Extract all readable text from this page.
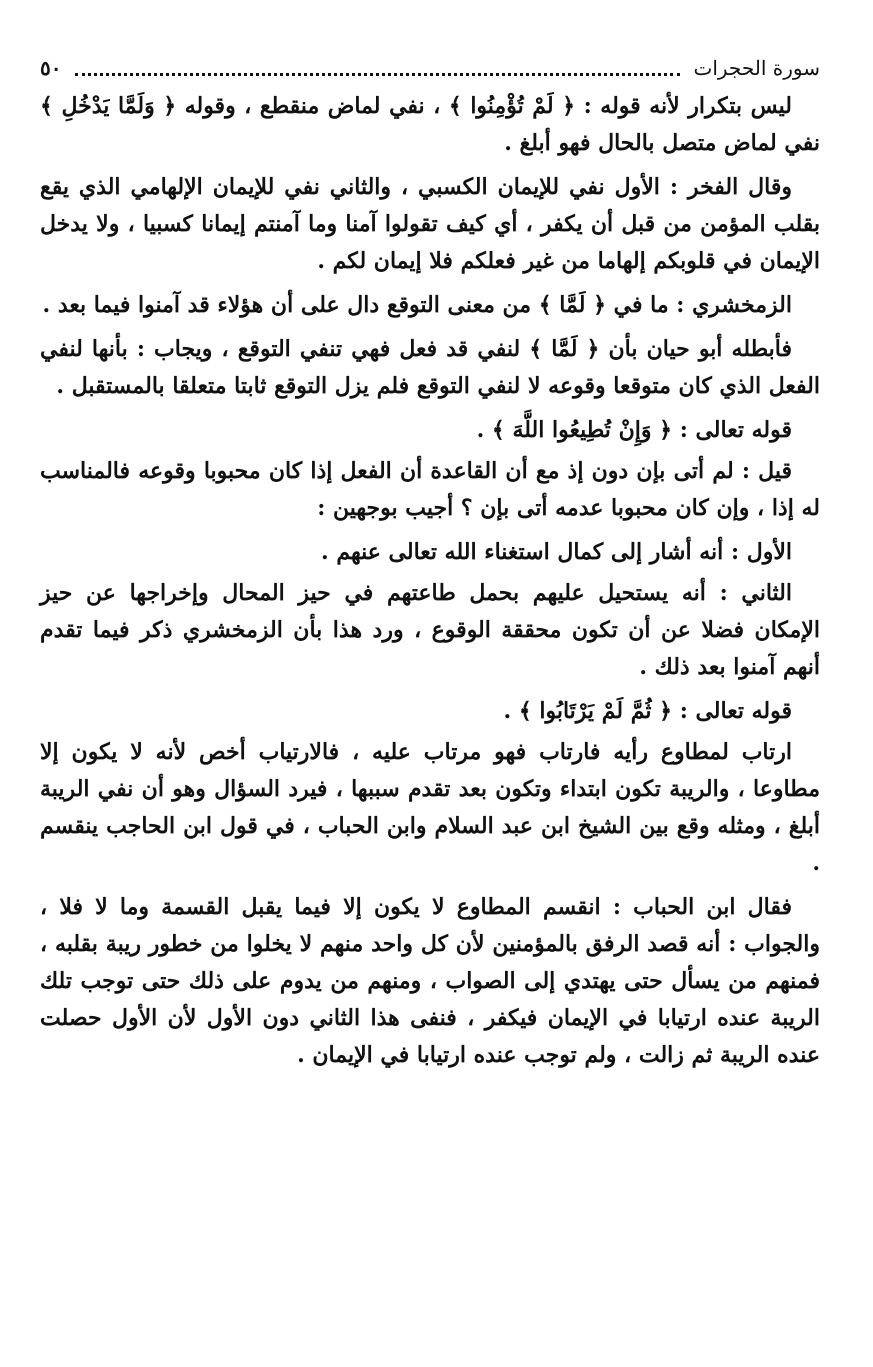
سورة الحجرات
٥٠

ليس بتكرار لأنه قوله : ﴿ لَمْ تُؤْمِنُوا ﴾ ، نفي لماض منقطع ، وقوله ﴿ وَلَمَّا يَدْخُلِ ﴾ نفي لماض متصل بالحال فهو أبلغ .

وقال الفخر : الأول نفي للإيمان الكسبي ، والثاني نفي للإيمان الإلهامي الذي يقع بقلب المؤمن من قبل أن يكفر ، أي كيف تقولوا آمنا وما آمنتم إيمانا كسبيا ، ولا يدخل الإيمان في قلوبكم إلهاما من غير فعلكم فلا إيمان لكم .

الزمخشري : ما في ﴿ لَمَّا ﴾ من معنى التوقع دال على أن هؤلاء قد آمنوا فيما بعد .

فأبطله أبو حيان بأن ﴿ لَمَّا ﴾ لنفي قد فعل فهي تنفي التوقع ، ويجاب : بأنها لنفي الفعل الذي كان متوقعا وقوعه لا لنفي التوقع فلم يزل التوقع ثابتا متعلقا بالمستقبل .

قوله تعالى : ﴿ وَإِنْ تُطِيعُوا اللَّهَ ﴾ .

قيل : لم أتى بإن دون إذ مع أن القاعدة أن الفعل إذا كان محبوبا وقوعه فالمناسب له إذا ، وإن كان محبوبا عدمه أتى بإن ؟ أجيب بوجهين :

الأول : أنه أشار إلى كمال استغناء الله تعالى عنهم .

الثاني : أنه يستحيل عليهم بحمل طاعتهم في حيز المحال وإخراجها عن حيز الإمكان فضلا عن أن تكون محققة الوقوع ، ورد هذا بأن الزمخشري ذكر فيما تقدم أنهم آمنوا بعد ذلك .

قوله تعالى : ﴿ ثُمَّ لَمْ يَرْتَابُوا ﴾ .

ارتاب لمطاوع رأيه فارتاب فهو مرتاب عليه ، فالارتياب أخص لأنه لا يكون إلا مطاوعا ، والريبة تكون ابتداء وتكون بعد تقدم سببها ، فيرد السؤال وهو أن نفي الريبة أبلغ ، ومثله وقع بين الشيخ ابن عبد السلام وابن الحباب ، في قول ابن الحاجب ينقسم .

فقال ابن الحباب : انقسم المطاوع لا يكون إلا فيما يقبل القسمة وما لا فلا ، والجواب : أنه قصد الرفق بالمؤمنين لأن كل واحد منهم لا يخلوا من خطور ريبة بقلبه ، فمنهم من يسأل حتى يهتدي إلى الصواب ، ومنهم من يدوم على ذلك حتى توجب تلك الريبة عنده ارتيابا في الإيمان فيكفر ، فنفى هذا الثاني دون الأول لأن الأول حصلت عنده الريبة ثم زالت ، ولم توجب عنده ارتيابا في الإيمان .
